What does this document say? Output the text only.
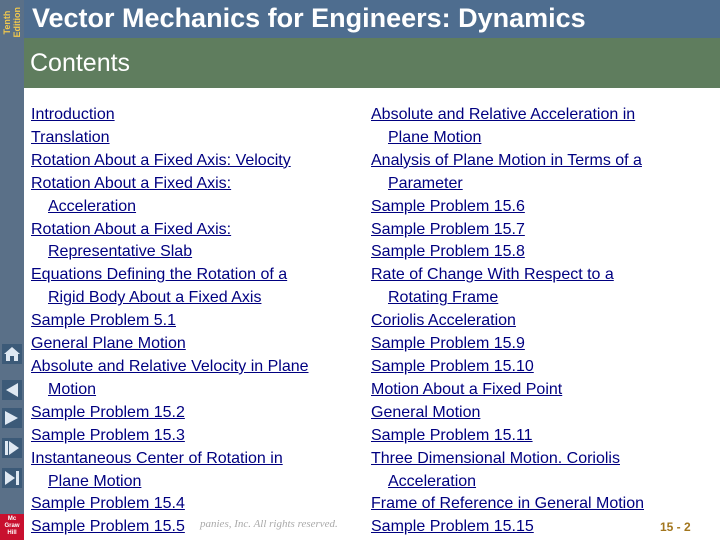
Tenth
Edition Vector Mechanics for Engineers: Dynamics
Contents
Introduction
Translation
Rotation About a Fixed Axis: Velocity
Rotation About a Fixed Axis:
Acceleration
Rotation About a Fixed Axis:
Representative Slab
Equations Defining the Rotation of a
Rigid Body About a Fixed Axis
Sample Problem 5.1
General Plane Motion
Absolute and Relative Velocity in Plane
Motion
Sample Problem 15.2
Sample Problem 15.3
Instantaneous Center of Rotation in
Plane Motion
Sample Problem 15.4
Sample Problem 15.5
Absolute and Relative Acceleration in
Plane Motion
Analysis of Plane Motion in Terms of a
Parameter
Sample Problem 15.6
Sample Problem 15.7
Sample Problem 15.8
Rate of Change With Respect to a
Rotating Frame
Coriolis Acceleration
Sample Problem 15.9
Sample Problem 15.10
Motion About a Fixed Point
General Motion
Sample Problem 15.11
Three Dimensional Motion. Coriolis
Acceleration
Frame of Reference in General Motion
Sample Problem 15.15
panies, Inc. All rights reserved.	15 - 2
Mc
Graw
Hill
